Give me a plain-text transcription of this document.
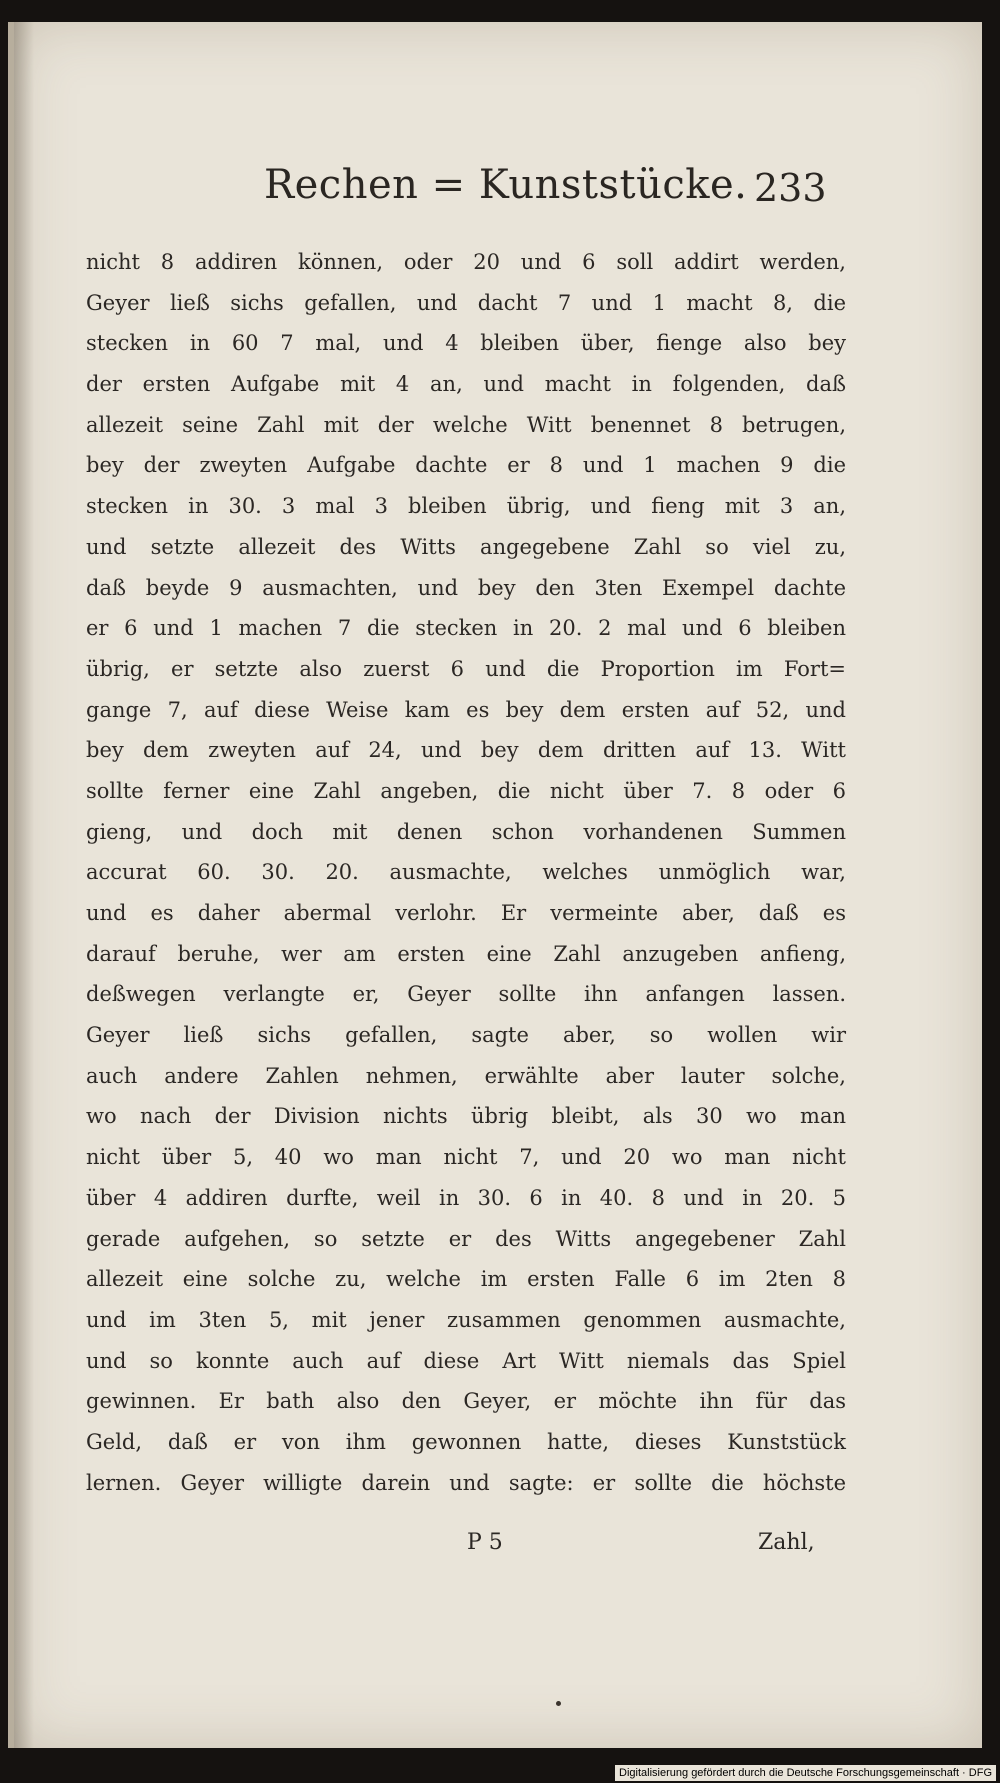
Rechen = Kunststücke. 233
nicht 8 addiren können, oder 20 und 6 soll addirt werden,
Geyer ließ sichs gefallen, und dacht 7 und 1 macht 8, die
stecken in 60 7 mal, und 4 bleiben über, fienge also bey
der ersten Aufgabe mit 4 an, und macht in folgenden, daß
allezeit seine Zahl mit der welche Witt benennet 8 betrugen,
bey der zweyten Aufgabe dachte er 8 und 1 machen 9 die
stecken in 30. 3 mal 3 bleiben übrig, und fieng mit 3 an,
und setzte allezeit des Witts angegebene Zahl so viel zu,
daß beyde 9 ausmachten, und bey den 3ten Exempel dachte
er 6 und 1 machen 7 die stecken in 20. 2 mal und 6 bleiben
übrig, er setzte also zuerst 6 und die Proportion im Fort=
gange 7, auf diese Weise kam es bey dem ersten auf 52, und
bey dem zweyten auf 24, und bey dem dritten auf 13. Witt
sollte ferner eine Zahl angeben, die nicht über 7. 8 oder 6
gieng, und doch mit denen schon vorhandenen Summen
accurat 60. 30. 20. ausmachte, welches unmöglich war,
und es daher abermal verlohr. Er vermeinte aber, daß es
darauf beruhe, wer am ersten eine Zahl anzugeben anfieng,
deßwegen verlangte er, Geyer sollte ihn anfangen lassen.
Geyer ließ sichs gefallen, sagte aber, so wollen wir
auch andere Zahlen nehmen, erwählte aber lauter solche,
wo nach der Division nichts übrig bleibt, als 30 wo man
nicht über 5, 40 wo man nicht 7, und 20 wo man nicht
über 4 addiren durfte, weil in 30. 6 in 40. 8 und in 20. 5
gerade aufgehen, so setzte er des Witts angegebener Zahl
allezeit eine solche zu, welche im ersten Falle 6 im 2ten 8
und im 3ten 5, mit jener zusammen genommen ausmachte,
und so konnte auch auf diese Art Witt niemals das Spiel
gewinnen. Er bath also den Geyer, er möchte ihn für das
Geld, daß er von ihm gewonnen hatte, dieses Kunststück
lernen. Geyer willigte darein und sagte: er sollte die höchste
P 5	Zahl,
Digitalisierung gefördert durch die Deutsche Forschungsgemeinschaft · DFG
